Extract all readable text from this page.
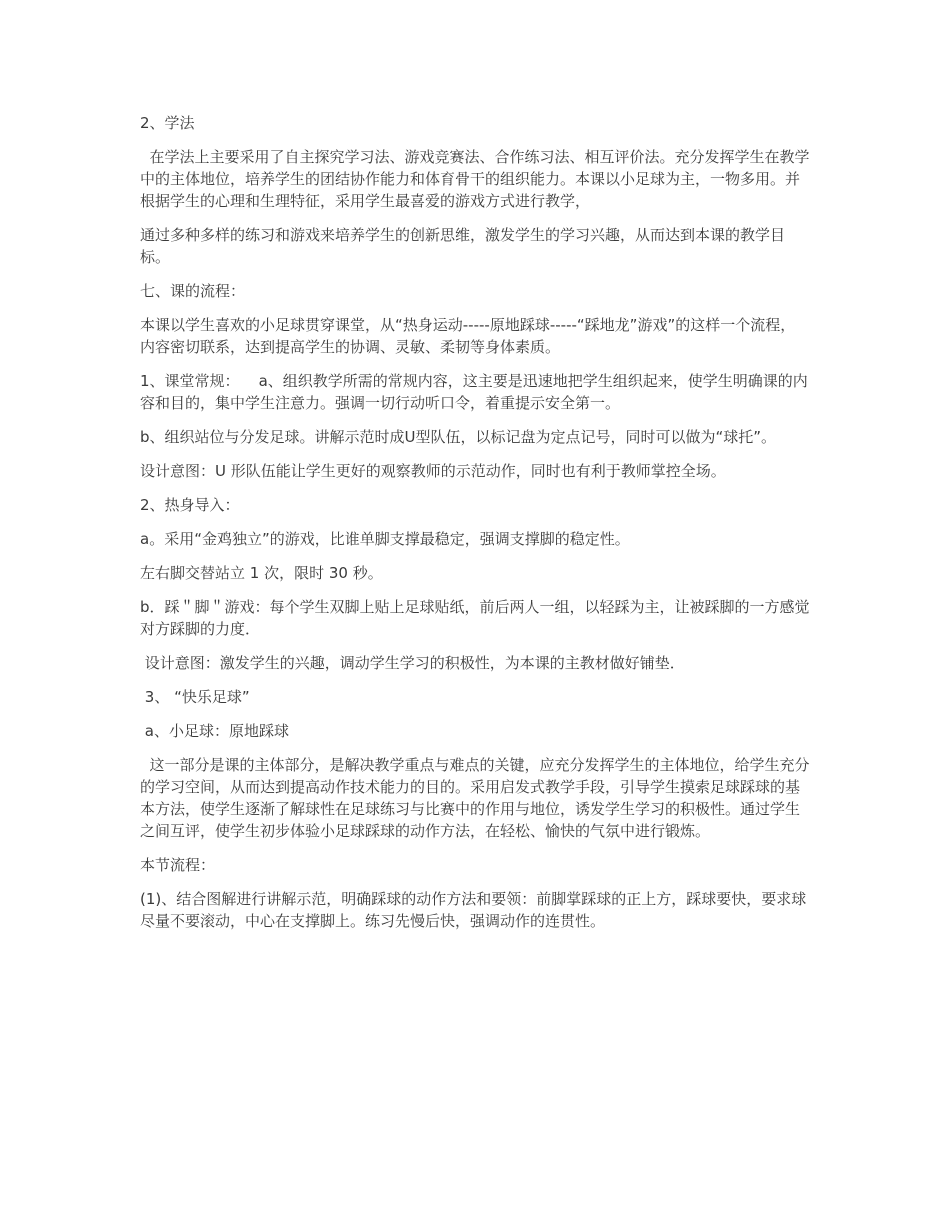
2、学法

在学法上主要采用了自主探究学习法、游戏竞赛法、合作练习法、相互评价法。充分发挥学生在教学中的主体地位，培养学生的团结协作能力和体育骨干的组织能力。本课以小足球为主，一物多用。并根据学生的心理和生理特征，采用学生最喜爱的游戏方式进行教学，

通过多种多样的练习和游戏来培养学生的创新思维，激发学生的学习兴趣，从而达到本课的教学目标。

七、课的流程：

本课以学生喜欢的小足球贯穿课堂，从“热身运动-----原地踩球-----“踩地龙”游戏”的这样一个流程，内容密切联系，达到提高学生的协调、灵敏、柔韧等身体素质。

1、课堂常规：    a、组织教学所需的常规内容，这主要是迅速地把学生组织起来，使学生明确课的内容和目的，集中学生注意力。强调一切行动听口令，着重提示安全第一。

b、组织站位与分发足球。讲解示范时成U型队伍，以标记盘为定点记号，同时可以做为“球托”。

设计意图：U 形队伍能让学生更好的观察教师的示范动作，同时也有利于教师掌控全场。

2、热身导入：

a。采用“金鸡独立”的游戏，比谁单脚支撑最稳定，强调支撑脚的稳定性。

左右脚交替站立 1 次，限时 30 秒。

b．踩＂脚＂游戏：每个学生双脚上贴上足球贴纸，前后两人一组，以轻踩为主，让被踩脚的一方感觉对方踩脚的力度．

设计意图：激发学生的兴趣，调动学生学习的积极性，为本课的主教材做好铺垫．

3、 “快乐足球”

a、小足球：原地踩球

这一部分是课的主体部分，是解决教学重点与难点的关键，应充分发挥学生的主体地位，给学生充分的学习空间，从而达到提高动作技术能力的目的。采用启发式教学手段，引导学生摸索足球踩球的基本方法，使学生逐渐了解球性在足球练习与比赛中的作用与地位，诱发学生学习的积极性。通过学生之间互评，使学生初步体验小足球踩球的动作方法，在轻松、愉快的气氛中进行锻炼。

本节流程：

(1)、结合图解进行讲解示范，明确踩球的动作方法和要领：前脚掌踩球的正上方，踩球要快，要求球尽量不要滚动，中心在支撑脚上。练习先慢后快，强调动作的连贯性。
